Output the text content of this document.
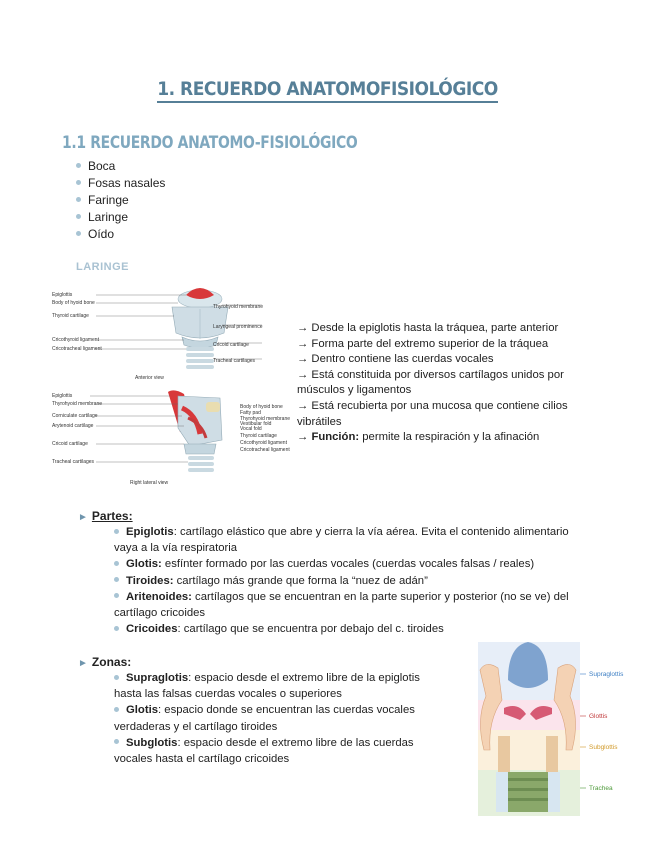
1. RECUERDO ANATOMOFISIOLÓGICO
1.1 RECUERDO ANATOMO-FISIOLÓGICO
Boca
Fosas nasales
Faringe
Laringe
Oído
LARINGE
Epiglottis
Body of hyoid bone
Thyroid cartilage
Cricothyroid ligament
Cricotracheal ligament
Thyrohyoid membrane
Laryngeal prominence
Cricoid cartilage
Tracheal cartilages
Anterior view
Epiglottis
Thyrohyoid membrane
Corniculate cartilage
Arytenoid cartilage
Cricoid cartilage
Tracheal cartilages
Body of hyoid bone
Fatty pad
Thyrohyoid membrane
Vestibular fold
Vocal fold
Thyroid cartilage
Cricothyroid ligament
Cricotracheal ligament
Right lateral view
→ Desde la epiglotis hasta la tráquea, parte anterior
→ Forma parte del extremo superior de la tráquea
→ Dentro contiene las cuerdas vocales
→ Está constituida por diversos cartílagos unidos por músculos y ligamentos
→ Está recubierta por una mucosa que contiene cilios vibrátiles
→ Función: permite la respiración y la afinación
► Partes:

Epiglotis: cartílago elástico que abre y cierra la vía aérea. Evita el contenido alimentario vaya a la vía respiratoria

Glotis: esfínter formado por las cuerdas vocales (cuerdas vocales falsas / reales)

Tiroides: cartílago más grande que forma la “nuez de adán”

Aritenoides: cartílagos que se encuentran en la parte superior y posterior (no se ve) del cartílago cricoides

Cricoides: cartílago que se encuentra por debajo del c. tiroides

► Zonas:

Supraglotis: espacio desde el extremo libre de la epiglotis hasta las falsas cuerdas vocales o superiores

Glotis: espacio donde se encuentran las cuerdas vocales verdaderas y el cartílago tiroides

Subglotis: espacio desde el extremo libre de las cuerdas vocales hasta el cartílago cricoides

Supraglottis
Glottis
Subglottis
Trachea
